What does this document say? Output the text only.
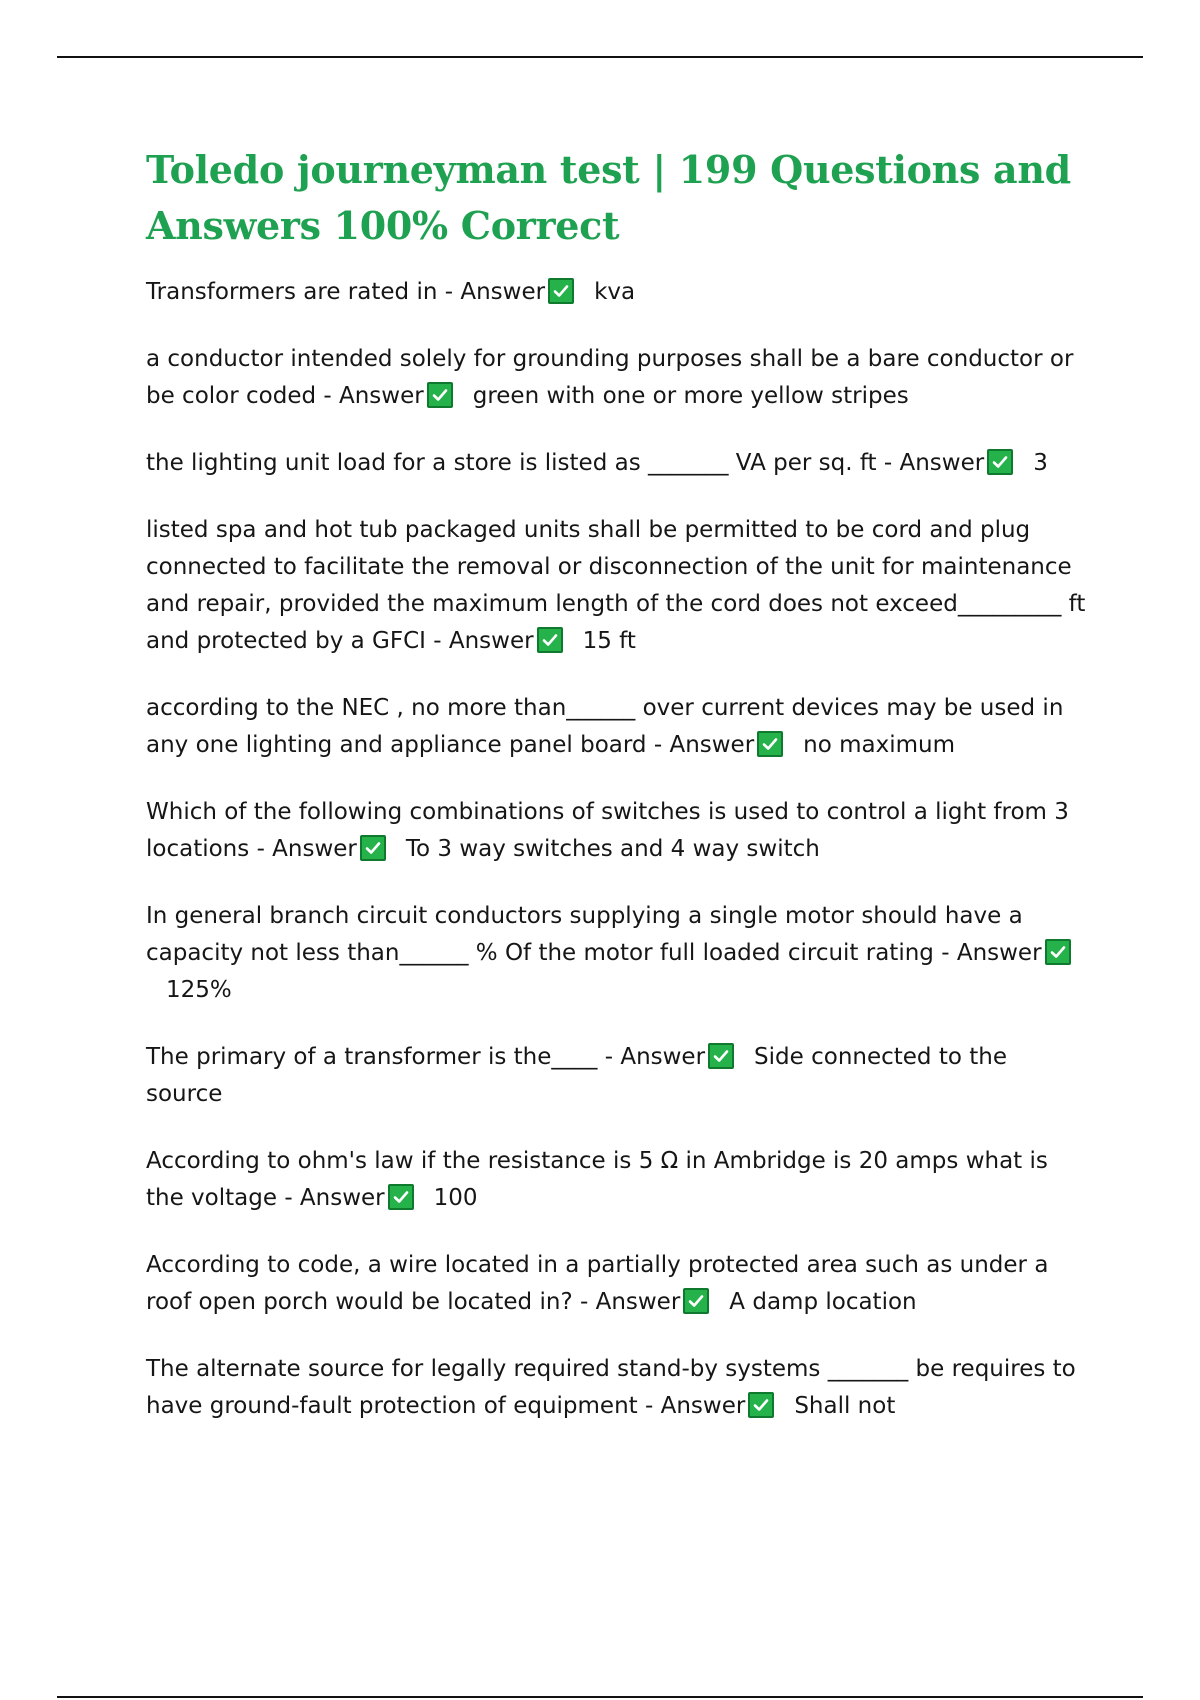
Toledo journeyman test | 199 Questions and Answers 100% Correct

Transformers are rated in - Answer kva

a conductor intended solely for grounding purposes shall be a bare conductor or be color coded - Answer green with one or more yellow stripes

the lighting unit load for a store is listed as _______ VA per sq. ft - Answer 3

listed spa and hot tub packaged units shall be permitted to be cord and plug connected to facilitate the removal or disconnection of the unit for maintenance and repair, provided the maximum length of the cord does not exceed_________ ft and protected by a GFCI - Answer 15 ft

according to the NEC , no more than______ over current devices may be used in any one lighting and appliance panel board - Answer no maximum

Which of the following combinations of switches is used to control a light from 3 locations - Answer To 3 way switches and 4 way switch

In general branch circuit conductors supplying a single motor should have a capacity not less than______ % Of the motor full loaded circuit rating - Answer
125%

The primary of a transformer is the____ - Answer Side connected to the source

According to ohm's law if the resistance is 5 Ω in Ambridge is 20 amps what is the voltage - Answer 100

According to code, a wire located in a partially protected area such as under a roof open porch would be located in? - Answer A damp location

The alternate source for legally required stand-by systems _______ be requires to have ground-fault protection of equipment - Answer Shall not
